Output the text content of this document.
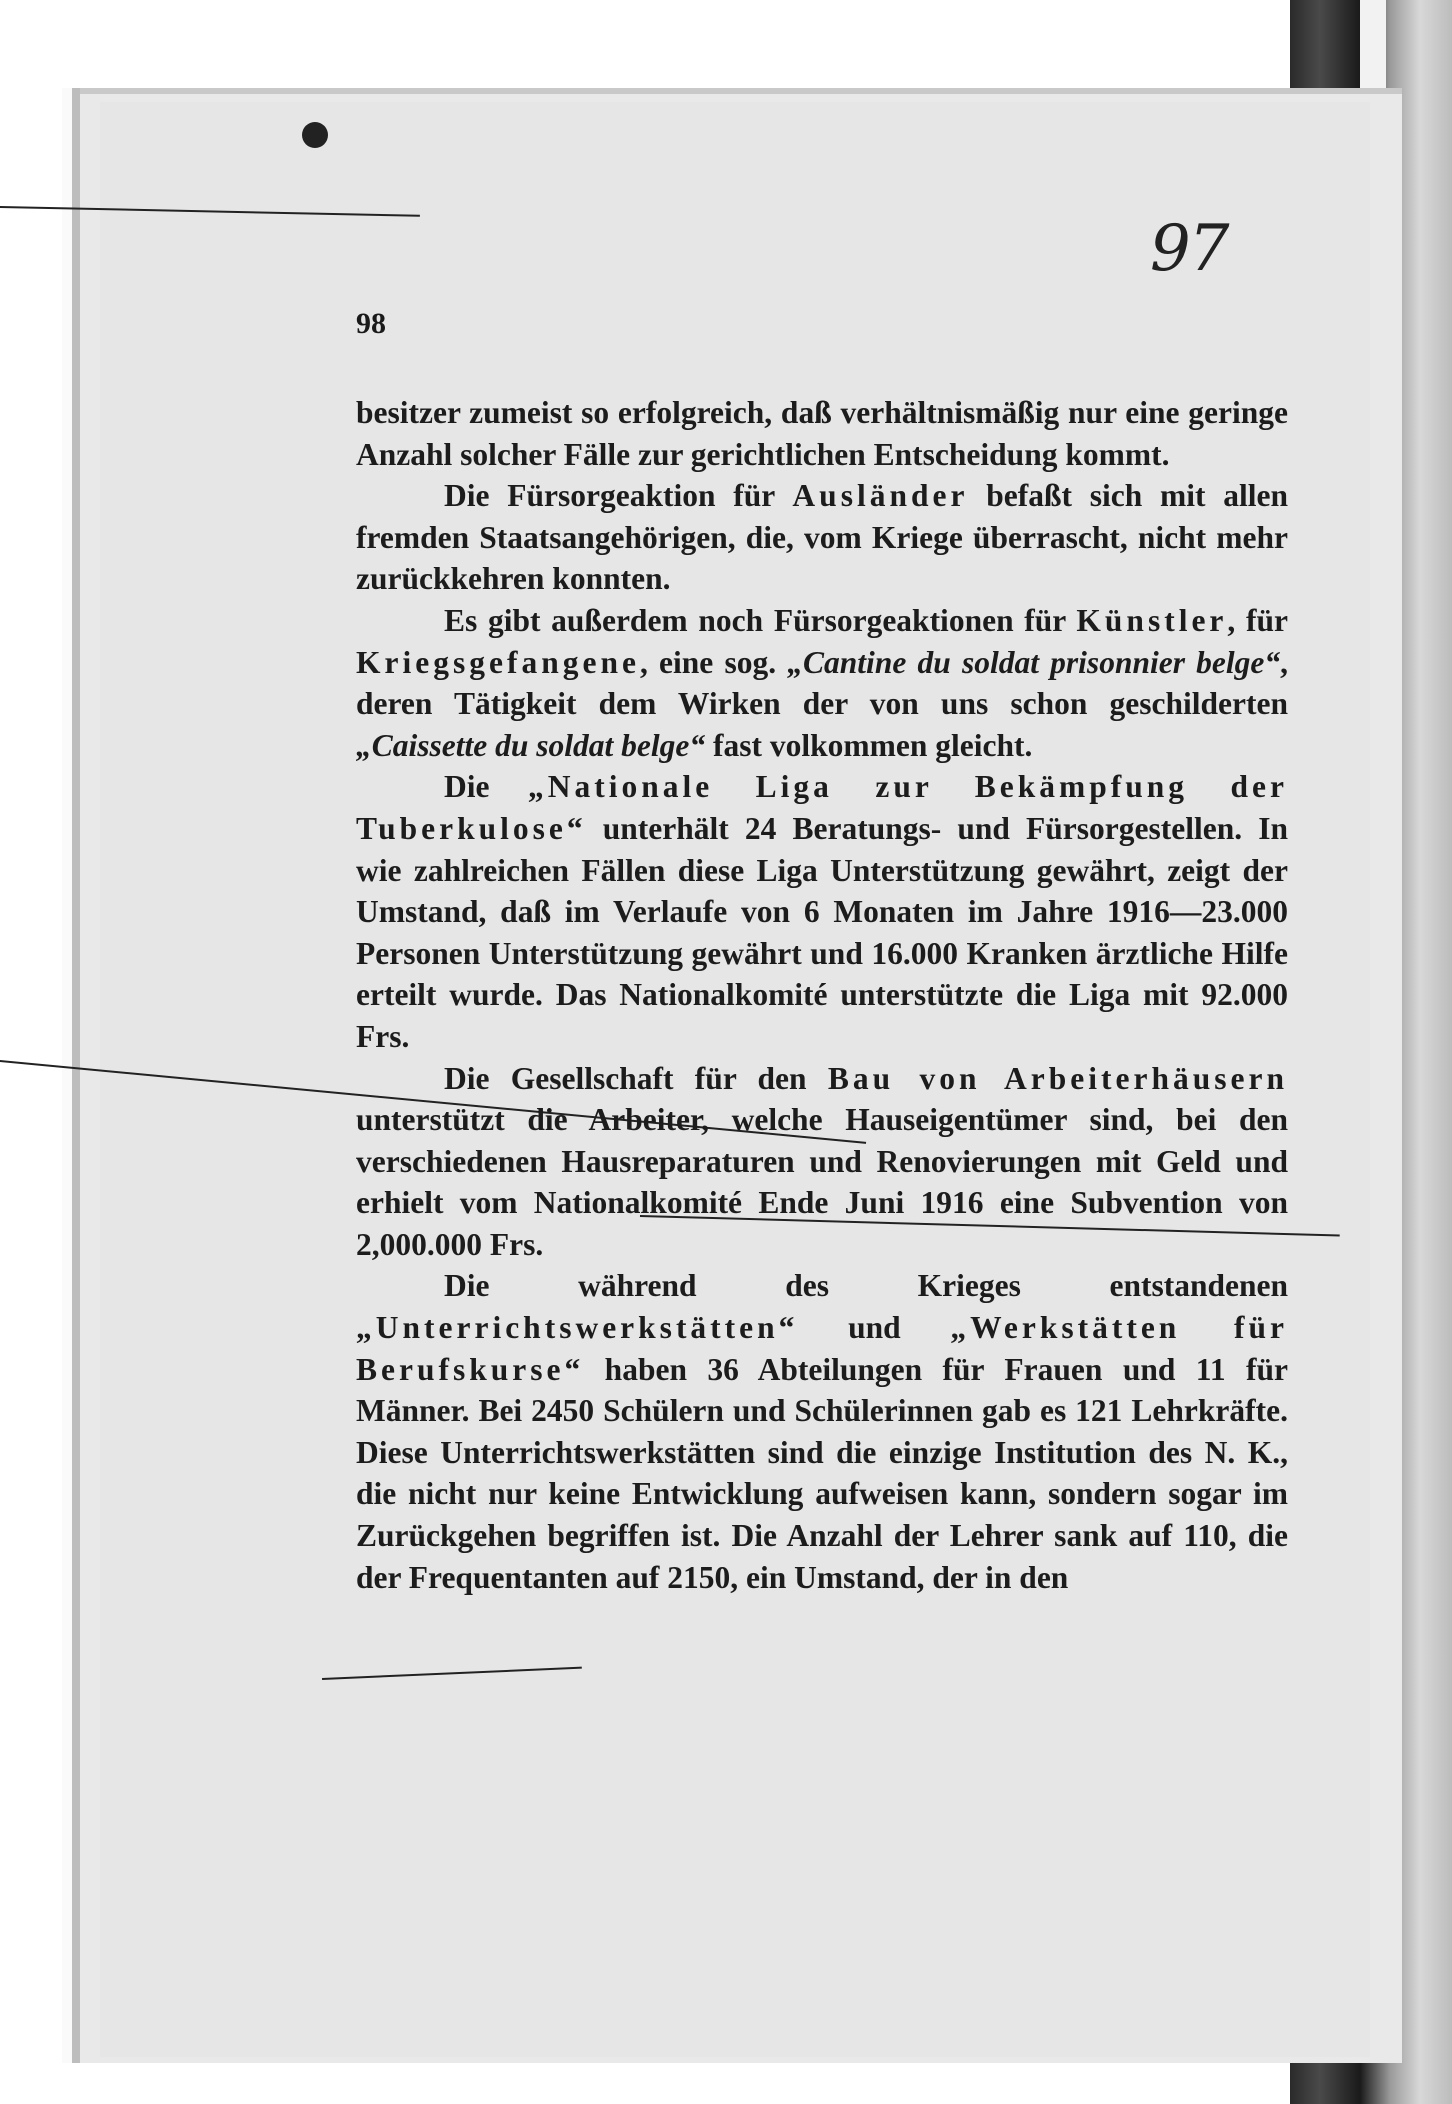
97
98

besitzer zumeist so erfolgreich, daß verhältnismäßig nur eine geringe Anzahl solcher Fälle zur gerichtlichen Entscheidung kommt.

Die Fürsorgeaktion für Ausländer befaßt sich mit allen fremden Staatsangehörigen, die, vom Kriege überrascht, nicht mehr zurückkehren konnten.

Es gibt außerdem noch Fürsorgeaktionen für Künstler, für Kriegsgefangene, eine sog. „Cantine du soldat prisonnier belge“, deren Tätigkeit dem Wirken der von uns schon geschilderten „Caissette du soldat belge“ fast volkommen gleicht.

Die „Nationale Liga zur Bekämpfung der Tuberkulose“ unterhält 24 Beratungs- und Fürsorgestellen. In wie zahlreichen Fällen diese Liga Unterstützung gewährt, zeigt der Umstand, daß im Verlaufe von 6 Monaten im Jahre 1916—23.000 Personen Unterstützung gewährt und 16.000 Kranken ärztliche Hilfe erteilt wurde. Das Nationalkomité unterstützte die Liga mit 92.000 Frs.

Die Gesellschaft für den Bau von Arbeiterhäusern unterstützt die Arbeiter, welche Hauseigentümer sind, bei den verschiedenen Hausreparaturen und Renovierungen mit Geld und erhielt vom Nationalkomité Ende Juni 1916 eine Subvention von 2,000.000 Frs.

Die während des Krieges entstandenen „Unterrichtswerkstätten“ und „Werkstätten für Berufskurse“ haben 36 Abteilungen für Frauen und 11 für Männer. Bei 2450 Schülern und Schülerinnen gab es 121 Lehrkräfte. Diese Unterrichtswerkstätten sind die einzige Institution des N. K., die nicht nur keine Entwicklung aufweisen kann, sondern sogar im Zurückgehen begriffen ist. Die Anzahl der Lehrer sank auf 110, die der Frequentanten auf 2150, ein Umstand, der in den
